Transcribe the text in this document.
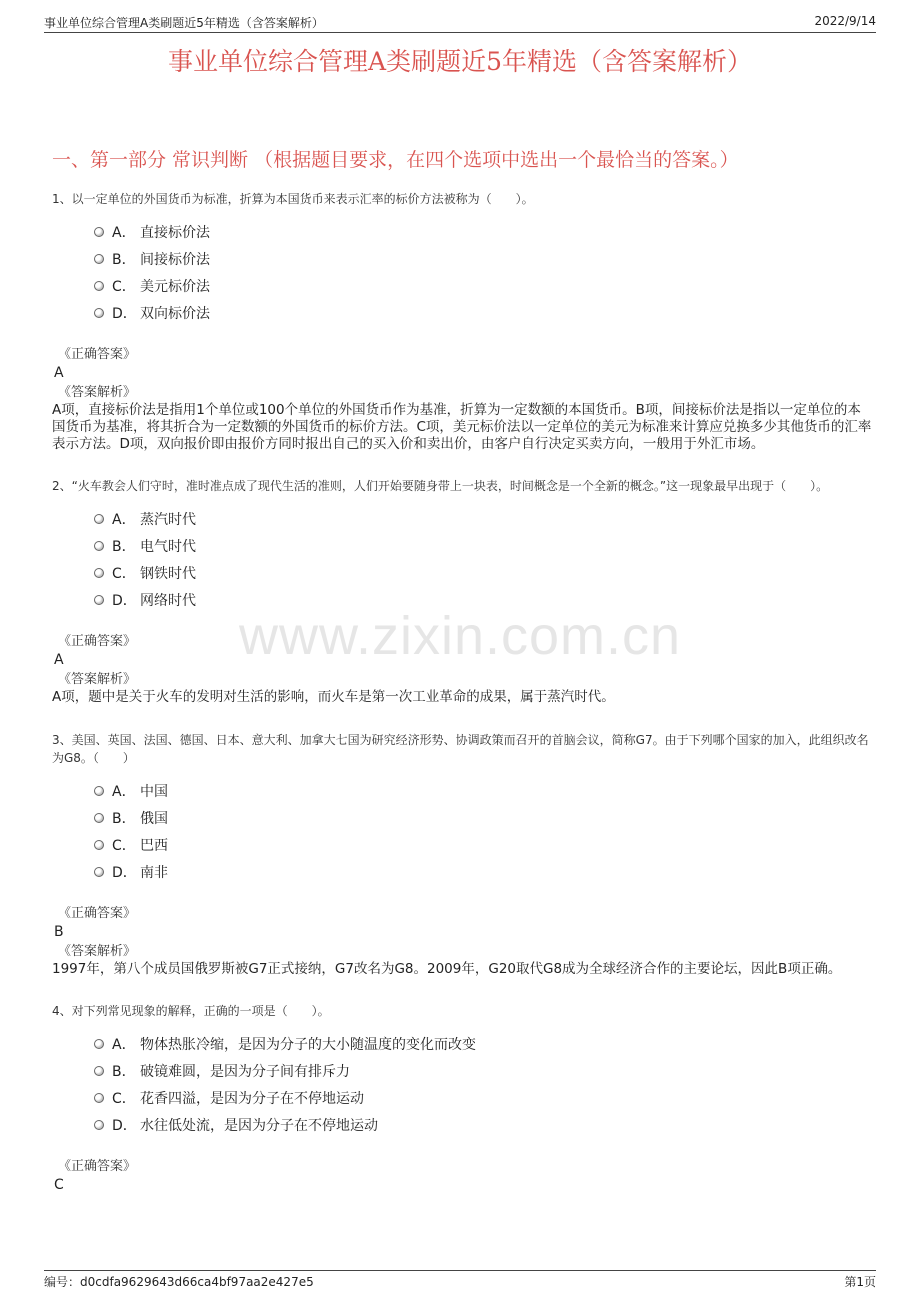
事业单位综合管理A类刷题近5年精选（含答案解析）	2022/9/14
事业单位综合管理A类刷题近5年精选（含答案解析）
一、第一部分 常识判断 （根据题目要求，在四个选项中选出一个最恰当的答案。）
www.zixin.com.cn
1、以一定单位的外国货币为标准，折算为本国货币来表示汇率的标价方法被称为（　　）。
A． 直接标价法
B． 间接标价法
C． 美元标价法
D． 双向标价法
《正确答案》
A
《答案解析》
A项，直接标价法是指用1个单位或100个单位的外国货币作为基准，折算为一定数额的本国货币。B项，间接标价法是指以一定单位的本国货币为基准，将其折合为一定数额的外国货币的标价方法。C项，美元标价法以一定单位的美元为标准来计算应兑换多少其他货币的汇率表示方法。D项，双向报价即由报价方同时报出自己的买入价和卖出价，由客户自行决定买卖方向，一般用于外汇市场。
2、“火车教会人们守时，准时准点成了现代生活的准则，人们开始要随身带上一块表，时间概念是一个全新的概念。”这一现象最早出现于（　　）。
A． 蒸汽时代
B． 电气时代
C． 钢铁时代
D． 网络时代
《正确答案》
A
《答案解析》
A项，题中是关于火车的发明对生活的影响，而火车是第一次工业革命的成果，属于蒸汽时代。
3、美国、英国、法国、德国、日本、意大利、加拿大七国为研究经济形势、协调政策而召开的首脑会议，简称G7。由于下列哪个国家的加入，此组织改名为G8。（　　）
A． 中国
B． 俄国
C． 巴西
D． 南非
《正确答案》
B
《答案解析》
1997年，第八个成员国俄罗斯被G7正式接纳，G7改名为G8。2009年，G20取代G8成为全球经济合作的主要论坛，因此B项正确。
4、对下列常见现象的解释，正确的一项是（　　）。
A． 物体热胀冷缩，是因为分子的大小随温度的变化而改变
B． 破镜难圆，是因为分子间有排斥力
C． 花香四溢，是因为分子在不停地运动
D． 水往低处流，是因为分子在不停地运动
《正确答案》
C
编号：d0cdfa9629643d66ca4bf97aa2e427e5	第1页
